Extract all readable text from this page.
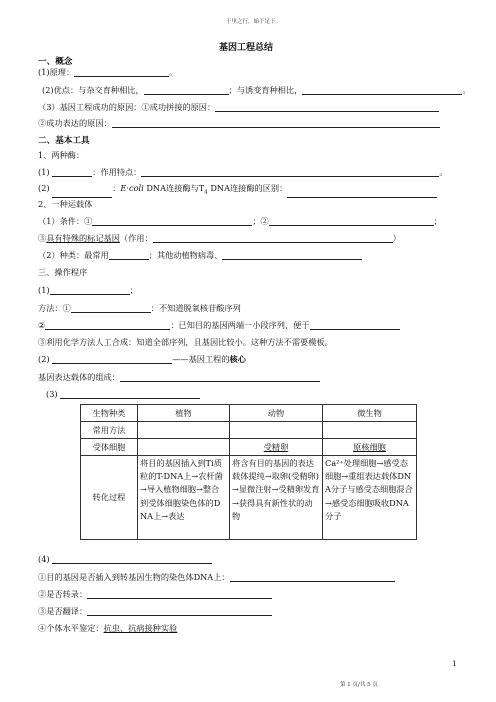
千里之行，始于足下。
基因工程总结
一、概念
(1)原理：	。
(2)优点：与杂交育种相比，	；与诱变育种相比，	。
（3）基因工程成功的原因：①成功拼接的原因：
②成功表达的原因：
二、基本工具
1、两种酶：
(1)	：作用特点：	。
(2)	：E·coli DNA连接酶与$T_4$ DNA连接酶的区别：
2、一种运载体
（1）条件：①	；②	；
③具有特殊的标记基因（作用：	）
（2）种类：最常用	；其他动植物病毒、
三、操作程序
(1)	；
方法：①	：不知道脱氧核苷酸序列
②	：已知目的基因两端一小段序列，便于
③利用化学方法人工合成：知道全部序列，且基因比较小。这种方法不需要模板。
(2)	——基因工程的核心
基因表达载体的组成：
(3)
生物种类	植物	动物	微生物
常用方法			
受体细胞		受精卵	原核细胞
转化过程	将目的基因插入到Ti质粒的T-DNA上→农杆菌→导入植物细胞→整合到受体细胞染色体的DNA上→表达	将含有目的基因的表达载体提纯→取卵(受精卵)→显微注射→受精卵发育→获得具有新性状的动物	Ca²⁺处理细胞→感受态细胞→重组表达载体DNA分子与感受态细胞混合→感受态细胞吸收DNA分子
(4)
①目的基因是否插入到转基因生物的染色体DNA上：
②是否转录：
③是否翻译：
④个体水平鉴定：抗虫、抗病接种实验
1
第 1 页/共 5 页
